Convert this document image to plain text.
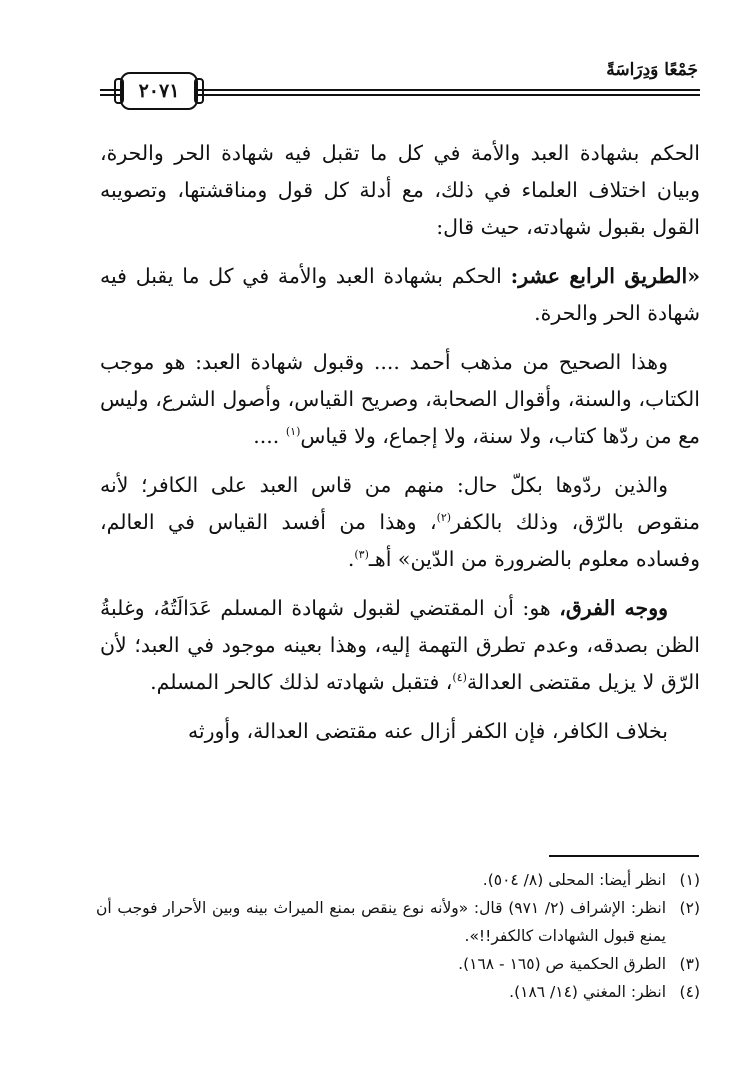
جَمْعًا وَدِرَاسَةً
٢٠٧١

الحكم بشهادة العبد والأمة في كل ما تقبل فيه شهادة الحر والحرة، وبيان اختلاف العلماء في ذلك، مع أدلة كل قول ومناقشتها، وتصويبه القول بقبول شهادته، حيث قال:

«الطريق الرابع عشر: الحكم بشهادة العبد والأمة في كل ما يقبل فيه شهادة الحر والحرة.

وهذا الصحيح من مذهب أحمد .... وقبول شهادة العبد: هو موجب الكتاب، والسنة، وأقوال الصحابة، وصريح القياس، وأصول الشرع، وليس مع من ردّها كتاب، ولا سنة، ولا إجماع، ولا قياس$^{(١)}$ ....

والذين ردّوها بكلّ حال: منهم من قاس العبد على الكافر؛ لأنه منقوص بالرّق، وذلك بالكفر$^{(٢)}$، وهذا من أفسد القياس في العالم، وفساده معلوم بالضرورة من الدّين» أهـ$^{(٣)}$.

ووجه الفرق، هو: أن المقتضي لقبول شهادة المسلم عَدَالَتُهُ، وغلبةُ الظن بصدقه، وعدم تطرق التهمة إليه، وهذا بعينه موجود في العبد؛ لأن الرّق لا يزيل مقتضى العدالة$^{(٤)}$، فتقبل شهادته لذلك كالحر المسلم.

بخلاف الكافر، فإن الكفر أزال عنه مقتضى العدالة، وأورثه

(١)
انظر أيضا: المحلى (٨/ ٥٠٤).
(٢)
انظر: الإشراف (٢/ ٩٧١) قال: «ولأنه نوع ينقص بمنع الميراث بينه وبين الأحرار فوجب أن يمنع قبول الشهادات كالكفر!!».
(٣)
الطرق الحكمية ص (١٦٥ - ١٦٨).
(٤)
انظر: المغني (١٤/ ١٨٦).
